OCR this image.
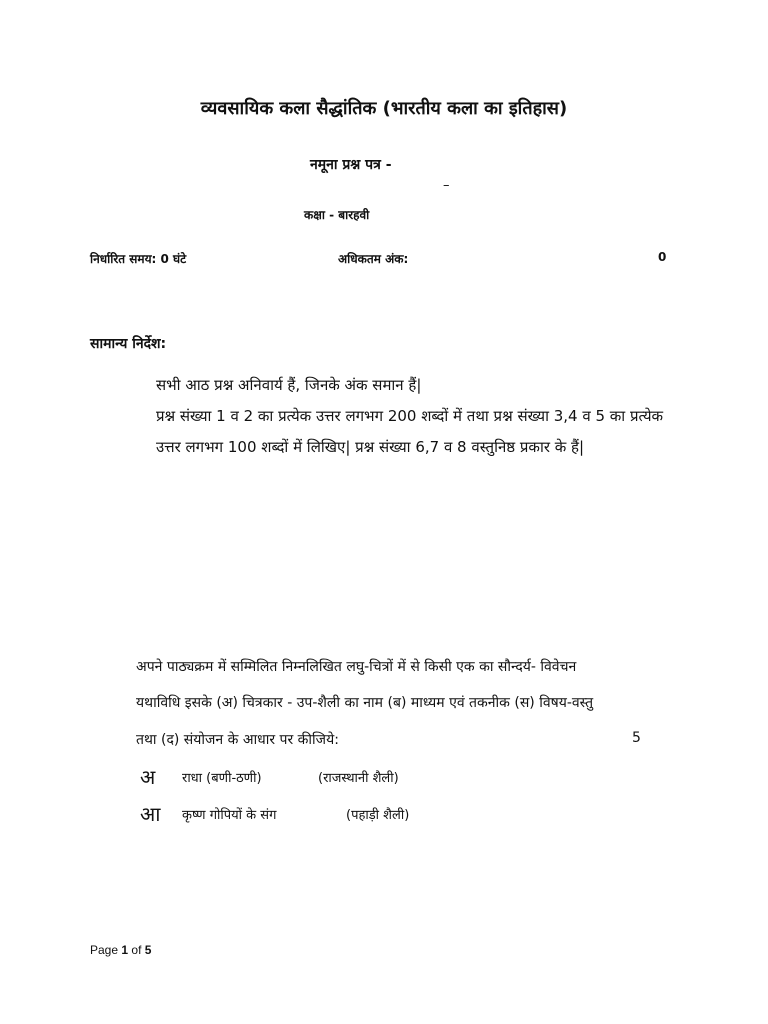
व्यवसायिक कला सैद्धांतिक (भारतीय कला का इतिहास)
नमूना प्रश्न पत्र -
–
कक्षा - बारहवी
निर्धारित समय: 0 घंटे	अधिकतम अंक:	0
सामान्य निर्देश:

सभी आठ प्रश्न अनिवार्य हैं, जिनके अंक समान हैं|

प्रश्न संख्या 1 व 2 का प्रत्येक उत्तर लगभग 200 शब्दों में तथा प्रश्न संख्या 3,4 व 5 का प्रत्येक उत्तर लगभग 100 शब्दों में लिखिए| प्रश्न संख्या 6,7 व 8 वस्तुनिष्ठ प्रकार के हैं|

अपने पाठ्यक्रम में सम्मिलित निम्नलिखित लघु-चित्रों में से किसी एक का सौन्दर्य- विवेचन
यथाविधि इसके (अ) चित्रकार - उप-शैली का नाम (ब) माध्यम एवं तकनीक (स) विषय-वस्तु
तथा (द) संयोजन के आधार पर कीजिये:	5
अ राधा (बणी-ठणी)	(राजस्थानी शैली)
आ कृष्ण गोपियों के संग	(पहाड़ी शैली)
Page 1 of 5
